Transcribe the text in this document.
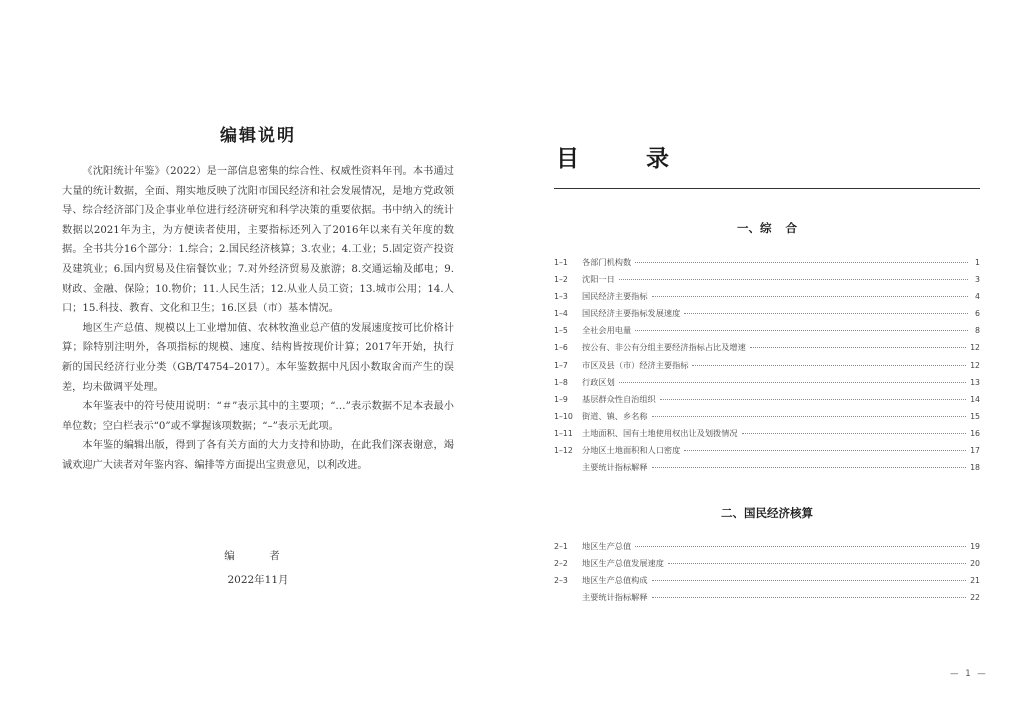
编辑说明

《沈阳统计年鉴》（2022）是一部信息密集的综合性、权威性资料年刊。本书通过大量的统计数据，全面、翔实地反映了沈阳市国民经济和社会发展情况，是地方党政领导、综合经济部门及企事业单位进行经济研究和科学决策的重要依据。书中纳入的统计数据以2021年为主，为方便读者使用，主要指标还列入了2016年以来有关年度的数据。全书共分16个部分：1.综合；2.国民经济核算；3.农业；4.工业；5.固定资产投资及建筑业；6.国内贸易及住宿餐饮业；7.对外经济贸易及旅游；8.交通运输及邮电；9.财政、金融、保险；10.物价；11.人民生活；12.从业人员工资；13.城市公用；14.人口；15.科技、教育、文化和卫生；16.区县（市）基本情况。

地区生产总值、规模以上工业增加值、农林牧渔业总产值的发展速度按可比价格计算；除特别注明外，各项指标的规模、速度、结构皆按现价计算；2017年开始，执行新的国民经济行业分类（GB/T4754–2017）。本年鉴数据中凡因小数取舍而产生的误差，均未做调平处理。

本年鉴表中的符号使用说明：“＃”表示其中的主要项；“…”表示数据不足本表最小单位数；空白栏表示“0”或不掌握该项数据；“–”表示无此项。

本年鉴的编辑出版，得到了各有关方面的大力支持和协助，在此我们深表谢意，竭诚欢迎广大读者对年鉴内容、编排等方面提出宝贵意见，以利改进。

编　者
2022年11月
目　录
一、综 合
1–1	各部门机构数	1
1–2	沈阳一日	3
1–3	国民经济主要指标	4
1–4	国民经济主要指标发展速度	6
1–5	全社会用电量	8
1–6	按公有、非公有分组主要经济指标占比及增速	12
1–7	市区及县（市）经济主要指标	12
1–8	行政区划	13
1–9	基层群众性自治组织	14
1–10	街道、镇、乡名称	15
1–11	土地面积、国有土地使用权出让及划拨情况	16
1–12	分地区土地面积和人口密度	17
主要统计指标解释	18
二、国民经济核算
2–1	地区生产总值	19
2–2	地区生产总值发展速度	20
2–3	地区生产总值构成	21
主要统计指标解释	22
— 1 —
